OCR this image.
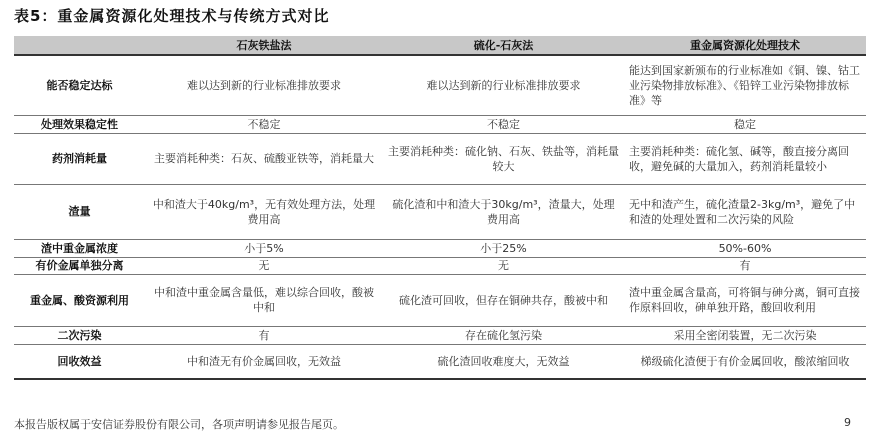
表5：重金属资源化处理技术与传统方式对比
	石灰铁盐法	硫化-石灰法	重金属资源化处理技术
能否稳定达标	难以达到新的行业标准排放要求	难以达到新的行业标准排放要求	能达到国家新颁布的行业标准如《铜、镍、钴工业污染物排放标准》、《铅锌工业污染物排放标准》等
处理效果稳定性	不稳定	不稳定	稳定
药剂消耗量	主要消耗种类：石灰、硫酸亚铁等，消耗量大	主要消耗种类：硫化钠、石灰、铁盐等，消耗量较大	主要消耗种类：硫化氢、碱等，酸直接分离回收，避免碱的大量加入，药剂消耗量较小
渣量	中和渣大于40kg/m³，无有效处理方法，处理费用高	硫化渣和中和渣大于30kg/m³，渣量大，处理费用高	无中和渣产生，硫化渣量2-3kg/m³，避免了中和渣的处理处置和二次污染的风险
渣中重金属浓度	小于5%	小于25%	50%-60%
有价金属单独分离	无	无	有
重金属、酸资源利用	中和渣中重金属含量低，难以综合回收，酸被中和	硫化渣可回收，但存在铜砷共存，酸被中和	渣中重金属含量高，可将铜与砷分离，铜可直接作原料回收，砷单独开路，酸回收利用
二次污染	有	存在硫化氢污染	采用全密闭装置，无二次污染
回收效益	中和渣无有价金属回收，无效益	硫化渣回收难度大，无效益	梯级硫化渣便于有价金属回收，酸浓缩回收
本报告版权属于安信证券股份有限公司，各项声明请参见报告尾页。	9
